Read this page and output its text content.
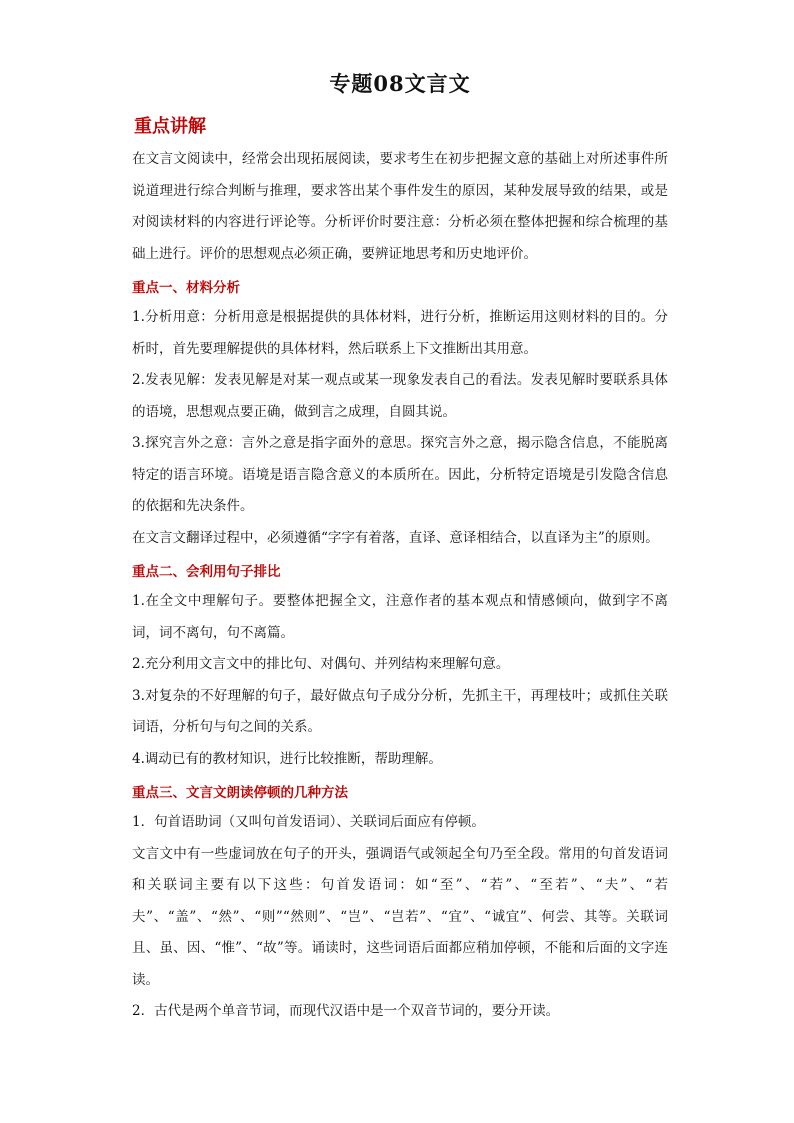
专题08文言文
重点讲解

在文言文阅读中，经常会出现拓展阅读，要求考生在初步把握文意的基础上对所述事件所说道理进行综合判断与推理，要求答出某个事件发生的原因，某种发展导致的结果，或是对阅读材料的内容进行评论等。分析评价时要注意：分析必须在整体把握和综合梳理的基础上进行。评价的思想观点必须正确，要辨证地思考和历史地评价。

重点一、材料分析

1.分析用意：分析用意是根据提供的具体材料，进行分析，推断运用这则材料的目的。分析时，首先要理解提供的具体材料，然后联系上下文推断出其用意。

2.发表见解：发表见解是对某一观点或某一现象发表自己的看法。发表见解时要联系具体的语境，思想观点要正确，做到言之成理，自圆其说。

3.探究言外之意：言外之意是指字面外的意思。探究言外之意，揭示隐含信息，不能脱离特定的语言环境。语境是语言隐含意义的本质所在。因此，分析特定语境是引发隐含信息的依据和先决条件。

在文言文翻译过程中，必须遵循“字字有着落，直译、意译相结合，以直译为主”的原则。

重点二、会利用句子排比

1.在全文中理解句子。要整体把握全文，注意作者的基本观点和情感倾向，做到字不离词，词不离句，句不离篇。

2.充分利用文言文中的排比句、对偶句、并列结构来理解句意。

3.对复杂的不好理解的句子，最好做点句子成分分析，先抓主干，再理枝叶；或抓住关联词语，分析句与句之间的关系。

4.调动已有的教材知识，进行比较推断，帮助理解。

重点三、文言文朗读停顿的几种方法

1．句首语助词（又叫句首发语词）、关联词后面应有停顿。

文言文中有一些虚词放在句子的开头，强调语气或领起全句乃至全段。常用的句首发语词和关联词主要有以下这些：句首发语词：如“至”、“若”、“至若”、“夫”、“若夫”、“盖”、“然”、“则”“然则”、“岂”、“岂若”、“宜”、“诚宜”、何尝、其等。关联词 且、虽、因、“惟”、“故”等。诵读时，这些词语后面都应稍加停顿，不能和后面的文字连读。

2．古代是两个单音节词，而现代汉语中是一个双音节词的，要分开读。
